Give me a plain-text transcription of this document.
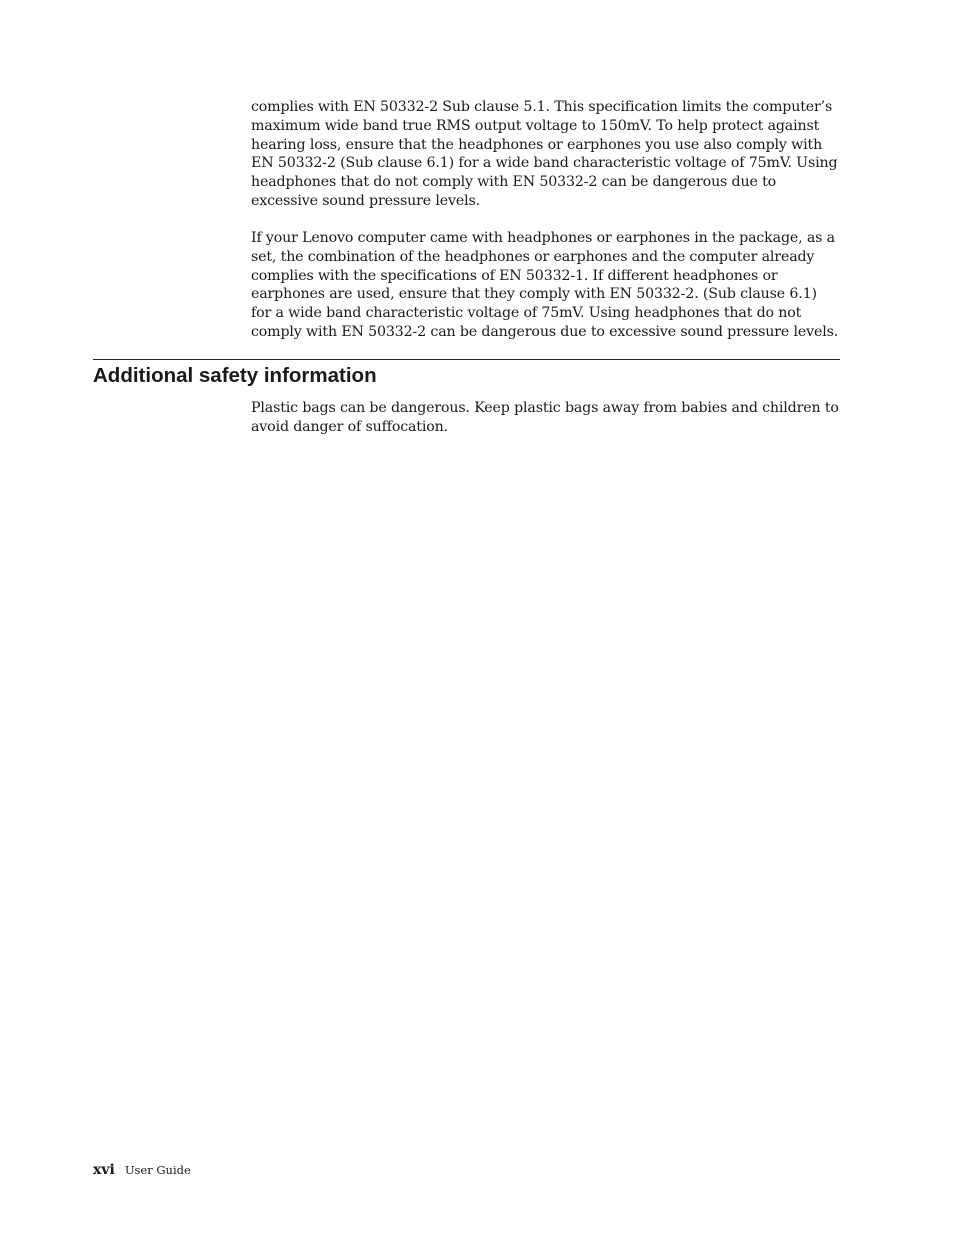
complies with EN 50332-2 Sub clause 5.1. This specification limits the computer’s maximum wide band true RMS output voltage to 150mV. To help protect against hearing loss, ensure that the headphones or earphones you use also comply with EN 50332-2 (Sub clause 6.1) for a wide band characteristic voltage of 75mV. Using headphones that do not comply with EN 50332-2 can be dangerous due to excessive sound pressure levels.

If your Lenovo computer came with headphones or earphones in the package, as a set, the combination of the headphones or earphones and the computer already complies with the specifications of EN 50332-1. If different headphones or earphones are used, ensure that they comply with EN 50332-2. (Sub clause 6.1) for a wide band characteristic voltage of 75mV. Using headphones that do not comply with EN 50332-2 can be dangerous due to excessive sound pressure levels.

Additional safety information

Plastic bags can be dangerous. Keep plastic bags away from babies and children to avoid danger of suffocation.

xvi User Guide
